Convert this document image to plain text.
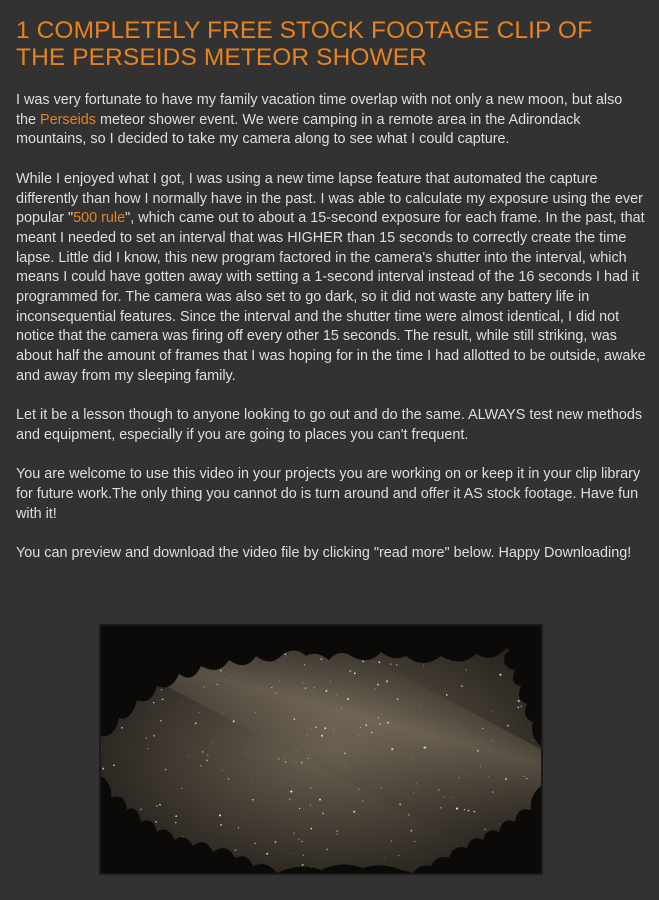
1 COMPLETELY FREE STOCK FOOTAGE CLIP OF THE PERSEIDS METEOR SHOWER

I was very fortunate to have my family vacation time overlap with not only a new moon, but also the Perseids meteor shower event. We were camping in a remote area in the Adirondack mountains, so I decided to take my camera along to see what I could capture.

While I enjoyed what I got, I was using a new time lapse feature that automated the capture differently than how I normally have in the past. I was able to calculate my exposure using the ever popular "500 rule", which came out to about a 15-second exposure for each frame. In the past, that meant I needed to set an interval that was HIGHER than 15 seconds to correctly create the time lapse. Little did I know, this new program factored in the camera's shutter into the interval, which means I could have gotten away with setting a 1-second interval instead of the 16 seconds I had it programmed for. The camera was also set to go dark, so it did not waste any battery life in inconsequential features. Since the interval and the shutter time were almost identical, I did not notice that the camera was firing off every other 15 seconds. The result, while still striking, was about half the amount of frames that I was hoping for in the time I had allotted to be outside, awake and away from my sleeping family.

Let it be a lesson though to anyone looking to go out and do the same. ALWAYS test new methods and equipment, especially if you are going to places you can't frequent.

You are welcome to use this video in your projects you are working on or keep it in your clip library for future work.The only thing you cannot do is turn around and offer it AS stock footage. Have fun with it!

You can preview and download the video file by clicking "read more" below. Happy Downloading!
